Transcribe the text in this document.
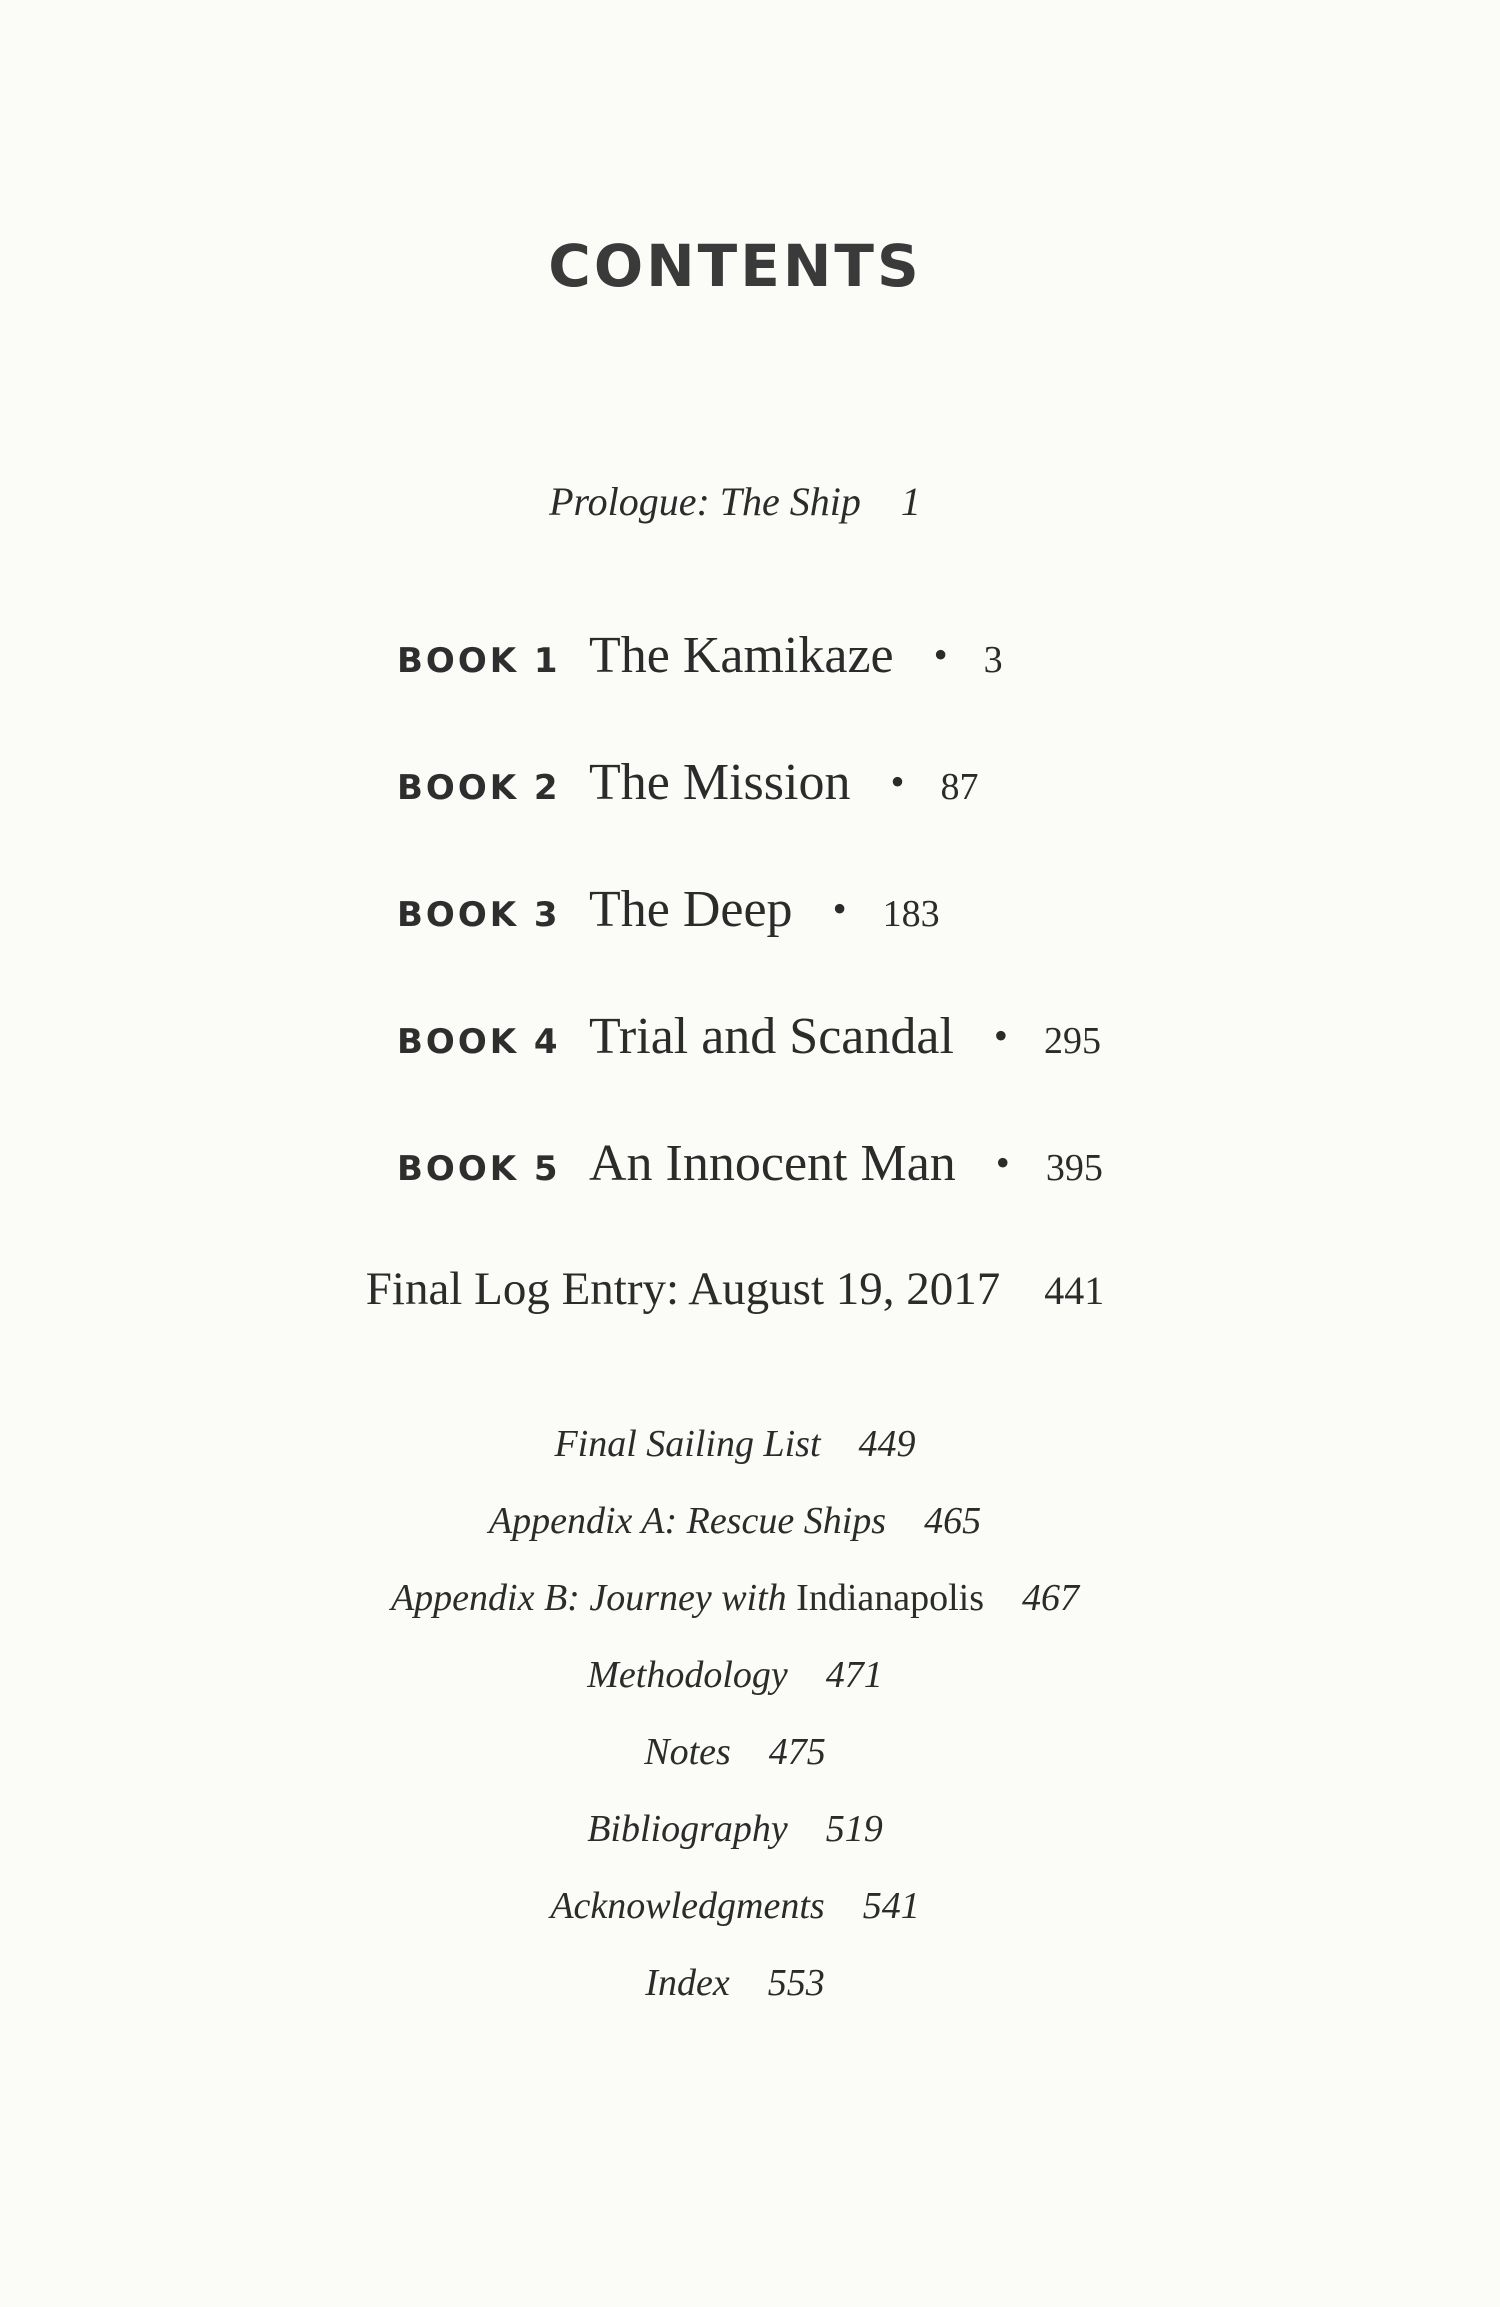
CONTENTS
Prologue: The Ship 1
BOOK 1 The Kamikaze • 3
BOOK 2 The Mission • 87
BOOK 3 The Deep • 183
BOOK 4 Trial and Scandal • 295
BOOK 5 An Innocent Man • 395
Final Log Entry: August 19, 2017 441
Final Sailing List 449
Appendix A: Rescue Ships 465
Appendix B: Journey with Indianapolis 467
Methodology 471
Notes 475
Bibliography 519
Acknowledgments 541
Index 553
